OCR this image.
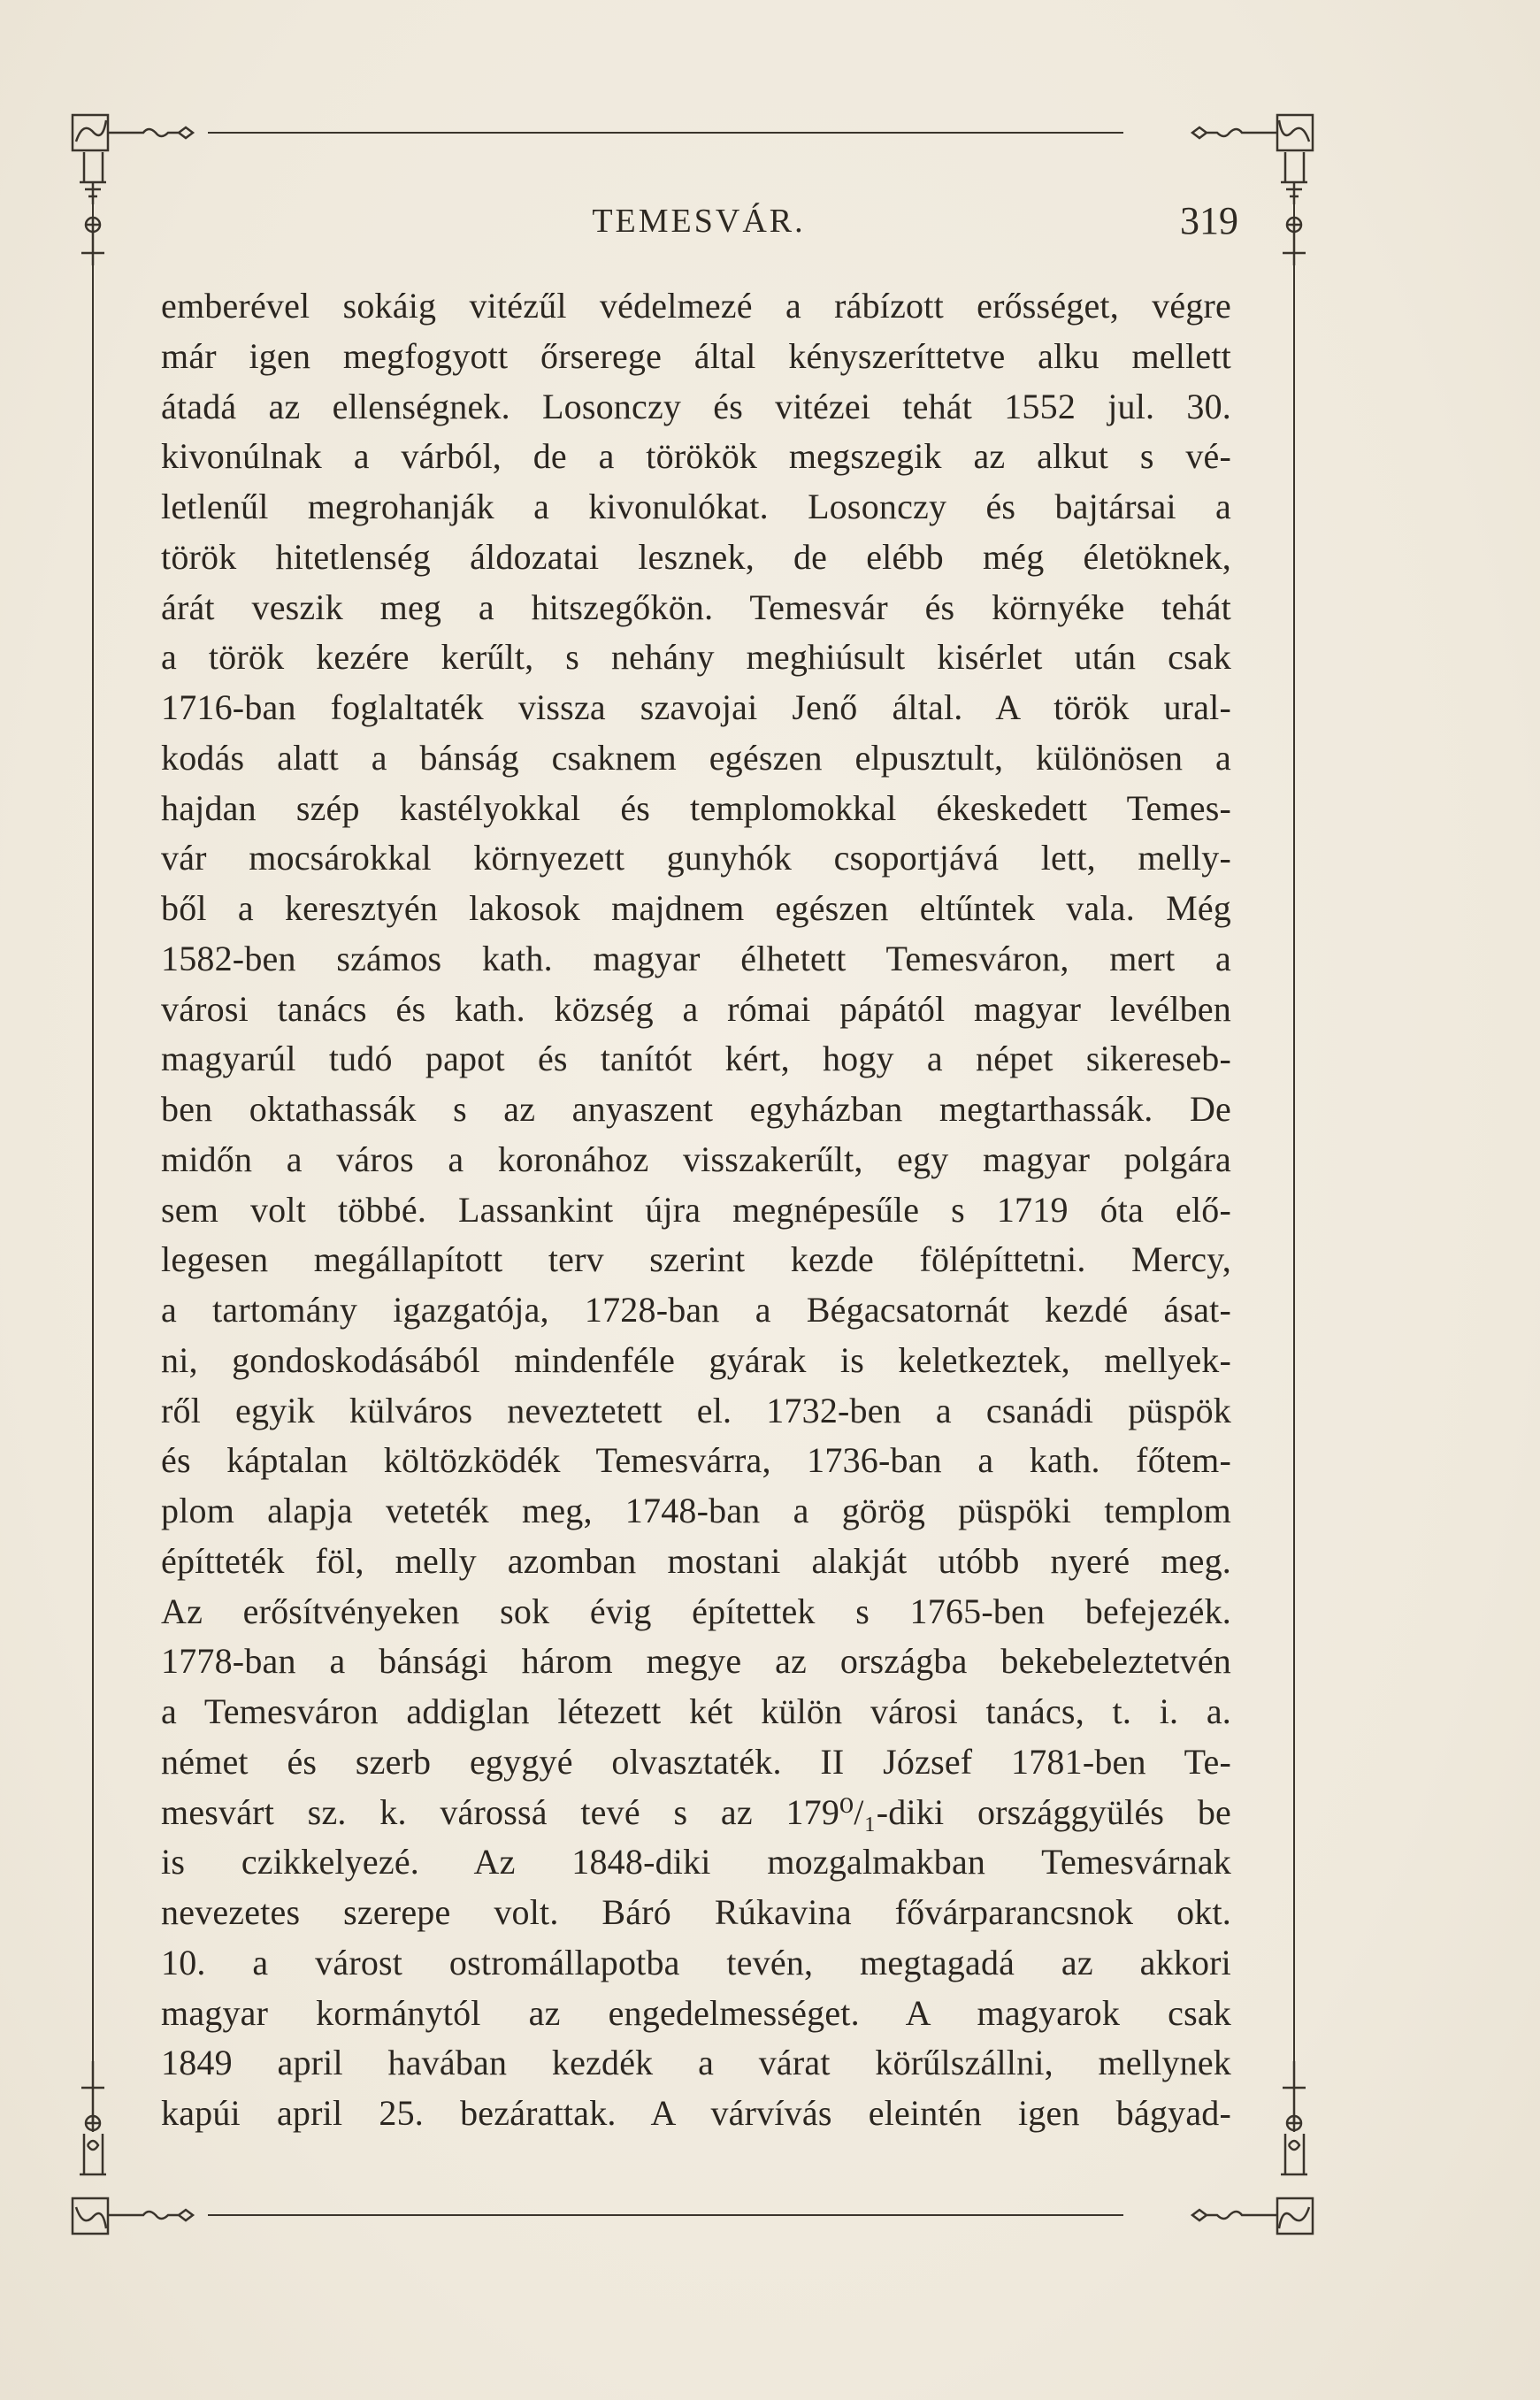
TEMESVÁR.	319
emberével sokáig vitézűl védelmezé a rábízott erősséget, végre
már igen megfogyott őrserege által kényszeríttetve alku mellett
átadá az ellenségnek. Losonczy és vitézei tehát 1552 jul. 30.
kivonúlnak a várból, de a törökök megszegik az alkut s vé-
letlenűl megrohanják a kivonulókat. Losonczy és bajtársai a
török hitetlenség áldozatai lesznek, de elébb még életöknek,
árát veszik meg a hitszegőkön. Temesvár és környéke tehát
a török kezére kerűlt, s nehány meghiúsult kisérlet után csak
1716-ban foglaltaték vissza szavojai Jenő által. A török ural-
kodás alatt a bánság csaknem egészen elpusztult, különösen a
hajdan szép kastélyokkal és templomokkal ékeskedett Temes-
vár mocsárokkal környezett gunyhók csoportjává lett, melly-
ből a keresztyén lakosok majdnem egészen eltűntek vala. Még
1582-ben számos kath. magyar élhetett Temesváron, mert a
városi tanács és kath. község a római pápától magyar levélben
magyarúl tudó papot és tanítót kért, hogy a népet sikereseb-
ben oktathassák s az anyaszent egyházban megtarthassák. De
midőn a város a koronához visszakerűlt, egy magyar polgára
sem volt többé. Lassankint újra megnépesűle s 1719 óta elő-
legesen megállapított terv szerint kezde fölépíttetni. Mercy,
a tartomány igazgatója, 1728-ban a Bégacsatornát kezdé ásat-
ni, gondoskodásából mindenféle gyárak is keletkeztek, mellyek-
ről egyik külváros neveztetett el. 1732-ben a csanádi püspök
és káptalan költözködék Temesvárra, 1736-ban a kath. főtem-
plom alapja veteték meg, 1748-ban a görög püspöki templom
építteték föl, melly azomban mostani alakját utóbb nyeré meg.
Az erősítvényeken sok évig építettek s 1765-ben befejezék.
1778-ban a bánsági három megye az országba bekebeleztetvén
a Temesváron addiglan létezett két külön városi tanács, t. i. a.
német és szerb egygyé olvasztaték. II József 1781-ben Te-
mesvárt sz. k. várossá tevé s az 179⁰/₁-diki országgyülés be
is czikkelyezé. Az 1848-diki mozgalmakban Temesvárnak
nevezetes szerepe volt. Báró Rúkavina fővárparancsnok okt.
10. a várost ostromállapotba tevén, megtagadá az akkori
magyar kormánytól az engedelmességet. A magyarok csak
1849 april havában kezdék a várat körűlszállni, mellynek
kapúi april 25. bezárattak. A várvívás eleintén igen bágyad-
